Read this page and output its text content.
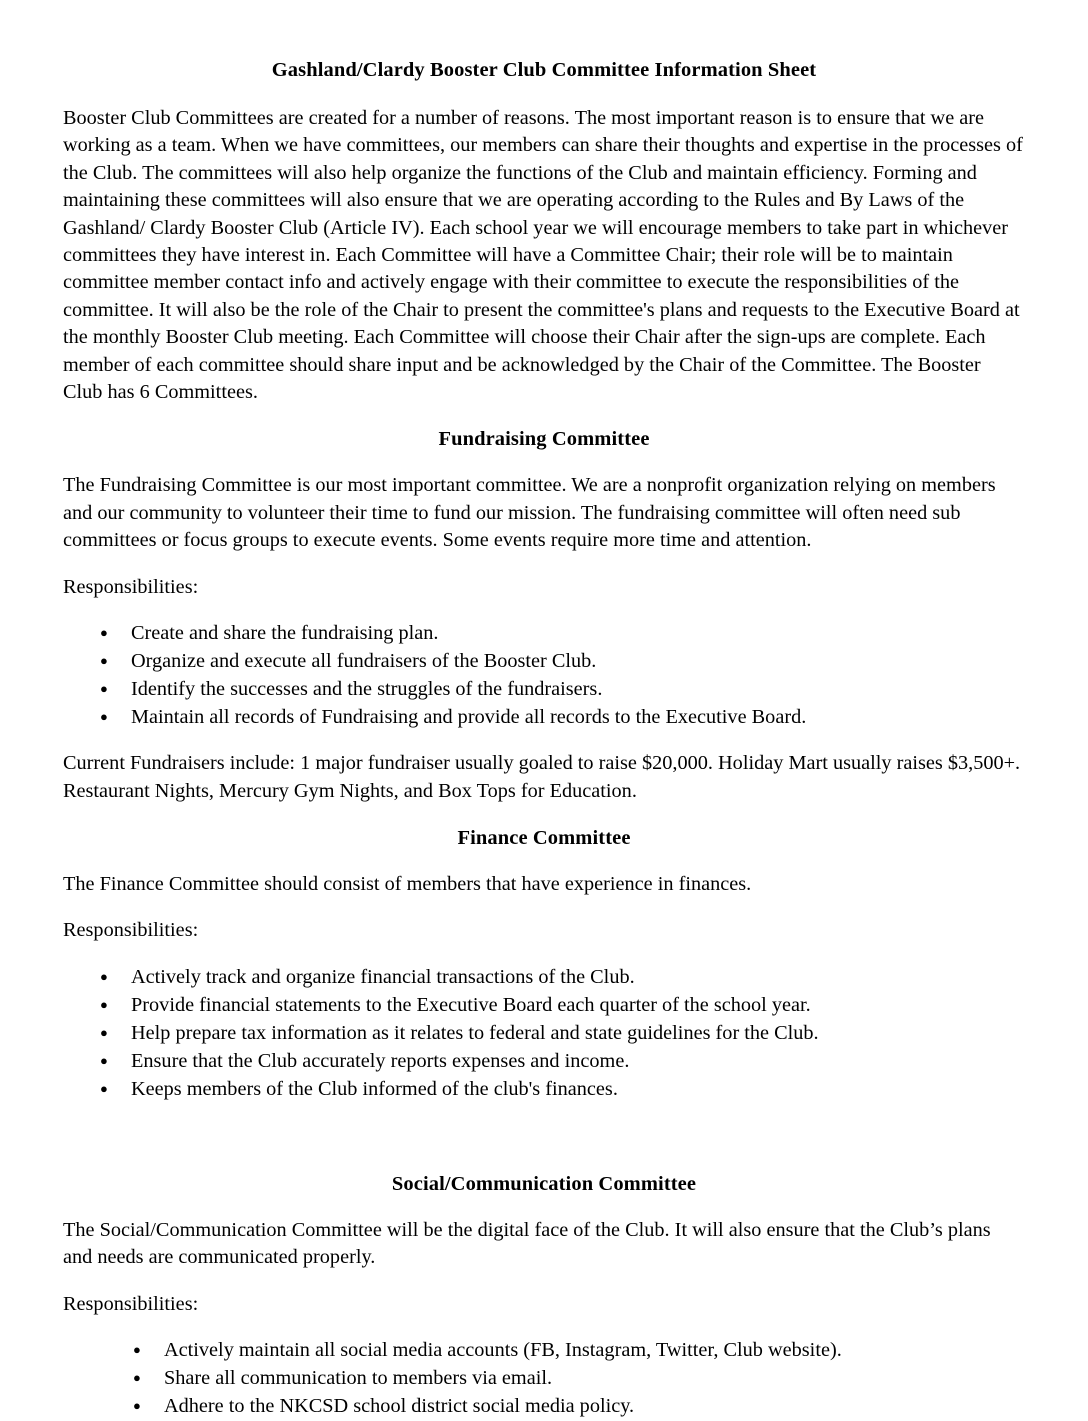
Gashland/Clardy Booster Club Committee Information Sheet

Booster Club Committees are created for a number of reasons. The most important reason is to ensure that we are working as a team. When we have committees, our members can share their thoughts and expertise in the processes of the Club. The committees will also help organize the functions of the Club and maintain efficiency. Forming and maintaining these committees will also ensure that we are operating according to the Rules and By Laws of the Gashland/ Clardy Booster Club (Article IV). Each school year we will encourage members to take part in whichever committees they have interest in. Each Committee will have a Committee Chair; their role will be to maintain committee member contact info and actively engage with their committee to execute the responsibilities of the committee. It will also be the role of the Chair to present the committee's plans and requests to the Executive Board at the monthly Booster Club meeting. Each Committee will choose their Chair after the sign-ups are complete. Each member of each committee should share input and be acknowledged by the Chair of the Committee. The Booster Club has 6 Committees.

Fundraising Committee

The Fundraising Committee is our most important committee. We are a nonprofit organization relying on members and our community to volunteer their time to fund our mission. The fundraising committee will often need sub committees or focus groups to execute events. Some events require more time and attention.

Responsibilities:

● Create and share the fundraising plan.
● Organize and execute all fundraisers of the Booster Club.
● Identify the successes and the struggles of the fundraisers.
● Maintain all records of Fundraising and provide all records to the Executive Board.

Current Fundraisers include: 1 major fundraiser usually goaled to raise $20,000. Holiday Mart usually raises $3,500+. Restaurant Nights, Mercury Gym Nights, and Box Tops for Education.

Finance Committee

The Finance Committee should consist of members that have experience in finances.

Responsibilities:

● Actively track and organize financial transactions of the Club.
● Provide financial statements to the Executive Board each quarter of the school year.
● Help prepare tax information as it relates to federal and state guidelines for the Club.
● Ensure that the Club accurately reports expenses and income.
● Keeps members of the Club informed of the club's finances.
Social/Communication Committee

The Social/Communication Committee will be the digital face of the Club. It will also ensure that the Club’s plans and needs are communicated properly.

Responsibilities:

● Actively maintain all social media accounts (FB, Instagram, Twitter, Club website).
● Share all communication to members via email.
● Adhere to the NKCSD school district social media policy.
